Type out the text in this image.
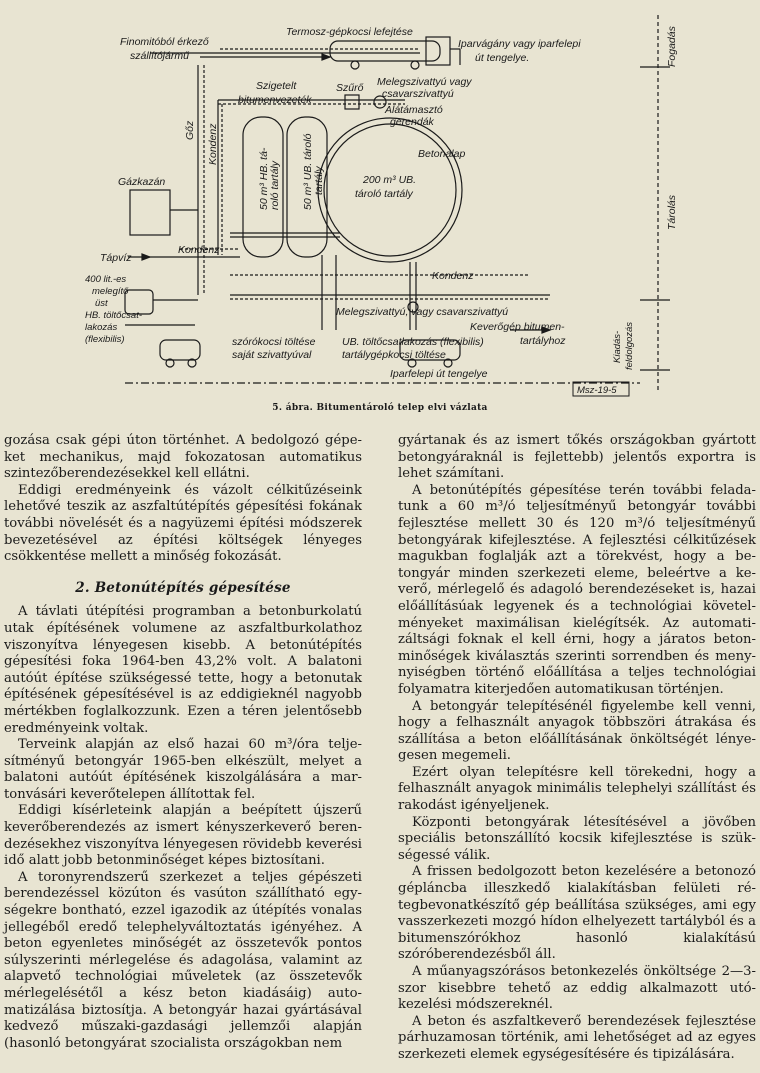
Finomitóból érkező
szállítójármű
Termosz-gépkocsi lefejtése
Iparvágány vagy iparfelepi
út tengelye.	Fogadás
Szigetelt
bitumenvezeték
Szűrő Melegszivattyú vagy
csavarszivattyú
Alátámasztó
gerendák
Gőz Kondenz
50 m³ HB. tá- roló tartály 50 m³ UB. tároló tartály
Betonalap
200 m³ UB.
tároló tartály
Gázkazán
Tárolás
Tápvíz
Kondenz
Kondenz
400 lit.-es
melegítő
üst
HB. töltőcsat-
lakozás
(flexibilis)
Melegszivattyú, vagy csavarszivattyú
Keverőgép bitumen-
tartályhoz
szórókocsi töltése
saját szivattyúval
UB. töltőcsatlakozás (flexibilis)
tartálygépkocsi töltése	Kiadás- feldolgozás
Iparfelepi út tengelye
Msz-19-5
5. ábra. Bitumentároló telep elvi vázlata

gozása csak gépi úton történhet. A bedolgozó gépeket mechanikus, majd fokozatosan automatikus szintezőberendezésekkel kell ellátni.

Eddigi eredményeink és vázolt célkitűzéseink lehetővé teszik az aszfaltútépítés gépesítési fokának további növelését és a nagyüzemi építési módszerek bevezetésével az építési költségek lényeges csökkentése mellett a minőség fokozását.

2. Betonútépítés gépesítése

A távlati útépítési programban a betonburkolatú utak építésének volumene az aszfaltburkolathoz viszonyítva lényegesen kisebb. A betonútépítés gépesítési foka 1964-ben 43,2% volt. A balatoni autóút építése szükségessé tette, hogy a betonutak építésének gépesítésével is az eddigieknél nagyobb mértékben foglalkozzunk. Ezen a téren jelentősebb eredményeink voltak.

Terveink alapján az első hazai 60 m³/óra teljesítményű betongyár 1965-ben elkészült, melyet a balatoni autóút építésének kiszolgálására a martonvásári keverőtelepen állítottak fel.

Eddigi kísérleteink alapján a beépített újszerű keverőberendezés az ismert kényszerkeverő berendezésekhez viszonyítva lényegesen rövidebb keverési idő alatt jobb betonminőséget képes biztosítani.

A toronyrendszerű szerkezet a teljes gépészeti berendezéssel közúton és vasúton szállítható egységekre bontható, ezzel igazodik az útépítés vonalas jellegéből eredő telephelyváltoztatás igényéhez. A beton egyenletes minőségét az összetevők pontos súlyszerinti mérlegelése és adagolása, valamint az alapvető technológiai műveletek (az összetevők mérlegelésétől a kész beton kiadásáig) automatizálása biztosítja. A betongyár hazai gyártásával kedvező műszaki-gazdasági jellemzői alapján (hasonló betongyárat szocialista országokban nem

gyártanak és az ismert tőkés országokban gyártott betongyáraknál is fejlettebb) jelentős exportra is lehet számítani.

A betonútépítés gépesítése terén további feladatunk a 60 m³/ó teljesítményű betongyár további fejlesztése mellett 30 és 120 m³/ó teljesítményű betongyárak kifejlesztése. A fejlesztési célkitűzések magukban foglalják azt a törekvést, hogy a betongyár minden szerkezeti eleme, beleértve a keverő, mérlegelő és adagoló berendezéseket is, hazai előállításúak legyenek és a technológiai követelményeket maximálisan kielégítsék. Az automatizáltsági foknak el kell érni, hogy a járatos betonminőségek kiválasztás szerinti sorrendben és menynyiségben történő előállítása a teljes technológiai folyamatra kiterjedően automatikusan történjen.

A betongyár telepítésénél figyelembe kell venni, hogy a felhasznált anyagok többszöri átrakása és szállítása a beton előállításának önköltségét lényegesen megemeli.

Ezért olyan telepítésre kell törekedni, hogy a felhasznált anyagok minimális telephelyi szállítást és rakodást igényeljenek.

Központi betongyárak létesítésével a jövőben speciális betonszállító kocsik kifejlesztése is szükségessé válik.

A frissen bedolgozott beton kezelésére a betonozó gépláncba illeszkedő kialakításban felületi rétegbevonatkészítő gép beállítása szükséges, ami egy vasszerkezeti mozgó hídon elhelyezett tartályból és a bitumenszórókhoz hasonló kialakítású szóróberendezésből áll.

A műanyagszórásos betonkezelés önköltsége 2—3-szor kisebbre tehető az eddig alkalmazott utókezelési módszereknél.

A beton és aszfaltkeverő berendezések fejlesztése párhuzamosan történik, ami lehetőséget ad az egyes szerkezeti elemek egységesítésére és tipizálására.
